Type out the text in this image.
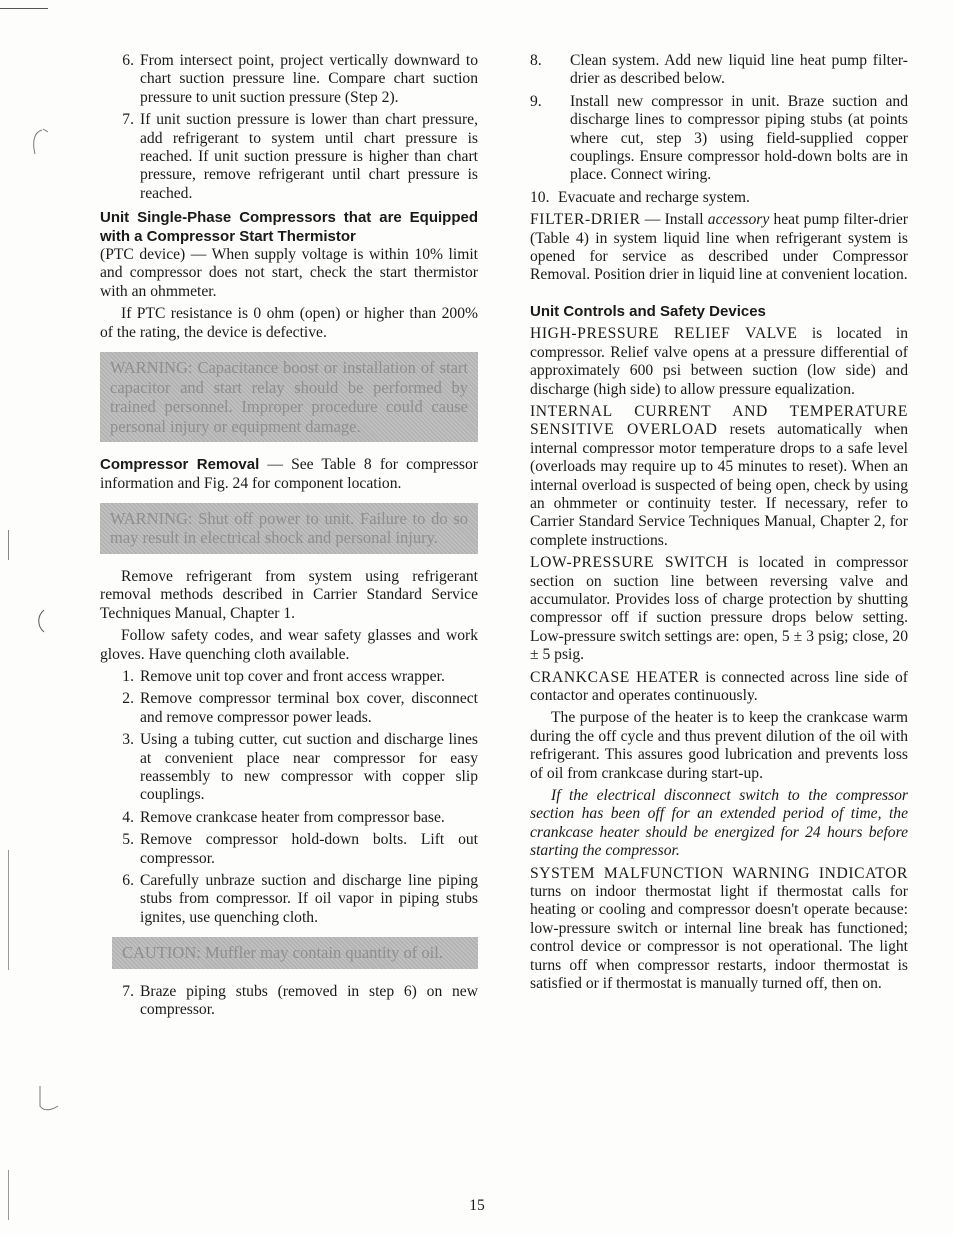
6. From intersect point, project vertically downward to chart suction pressure line. Compare chart suction pressure to unit suction pressure (Step 2).
7. If unit suction pressure is lower than chart pressure, add refrigerant to system until chart pressure is reached. If unit suction pressure is higher than chart pressure, remove refrigerant until chart pressure is reached.

Unit Single-Phase Compressors that are Equipped with a Compressor Start Thermistor
(PTC device) — When supply voltage is within 10% limit and compressor does not start, check the start thermistor with an ohmmeter.

If PTC resistance is 0 ohm (open) or higher than 200% of the rating, the device is defective.

WARNING: Capacitance boost or installation of start capacitor and start relay should be performed by trained personnel. Improper procedure could cause personal injury or equipment damage.

Compressor Removal — See Table 8 for compressor information and Fig. 24 for component location.

WARNING: Shut off power to unit. Failure to do so may result in electrical shock and personal injury.

Remove refrigerant from system using refrigerant removal methods described in Carrier Standard Service Techniques Manual, Chapter 1.

Follow safety codes, and wear safety glasses and work gloves. Have quenching cloth available.

1. Remove unit top cover and front access wrapper.
2. Remove compressor terminal box cover, disconnect and remove compressor power leads.
3. Using a tubing cutter, cut suction and discharge lines at convenient place near compressor for easy reassembly to new compressor with copper slip couplings.
4. Remove crankcase heater from compressor base.
5. Remove compressor hold-down bolts. Lift out compressor.
6. Carefully unbraze suction and discharge line piping stubs from compressor. If oil vapor in piping stubs ignites, use quenching cloth.
CAUTION: Muffler may contain quantity of oil.
7. Braze piping stubs (removed in step 6) on new compressor.
8.	Clean system. Add new liquid line heat pump filter-drier as described below.
9.	Install new compressor in unit. Braze suction and discharge lines to compressor piping stubs (at points where cut, step 3) using field-supplied copper couplings. Ensure compressor hold-down bolts are in place. Connect wiring.
10. Evacuate and recharge system.

FILTER-DRIER — Install accessory heat pump filter-drier (Table 4) in system liquid line when refrigerant system is opened for service as described under Compressor Removal. Position drier in liquid line at convenient location.

Unit Controls and Safety Devices

HIGH-PRESSURE RELIEF VALVE is located in compressor. Relief valve opens at a pressure differential of approximately 600 psi between suction (low side) and discharge (high side) to allow pressure equalization.

INTERNAL CURRENT AND TEMPERATURE SENSITIVE OVERLOAD resets automatically when internal compressor motor temperature drops to a safe level (overloads may require up to 45 minutes to reset). When an internal overload is suspected of being open, check by using an ohmmeter or continuity tester. If necessary, refer to Carrier Standard Service Techniques Manual, Chapter 2, for complete instructions.

LOW-PRESSURE SWITCH is located in compressor section on suction line between reversing valve and accumulator. Provides loss of charge protection by shutting compressor off if suction pressure drops below setting. Low-pressure switch settings are: open, 5 ± 3 psig; close, 20 ± 5 psig.

CRANKCASE HEATER is connected across line side of contactor and operates continuously.

The purpose of the heater is to keep the crankcase warm during the off cycle and thus prevent dilution of the oil with refrigerant. This assures good lubrication and prevents loss of oil from crankcase during start-up.

If the electrical disconnect switch to the compressor section has been off for an extended period of time, the crankcase heater should be energized for 24 hours before starting the compressor.

SYSTEM MALFUNCTION WARNING INDICATOR turns on indoor thermostat light if thermostat calls for heating or cooling and compressor doesn't operate because: low-pressure switch or internal line break has functioned; control device or compressor is not operational. The light turns off when compressor restarts, indoor thermostat is satisfied or if thermostat is manually turned off, then on.

15
